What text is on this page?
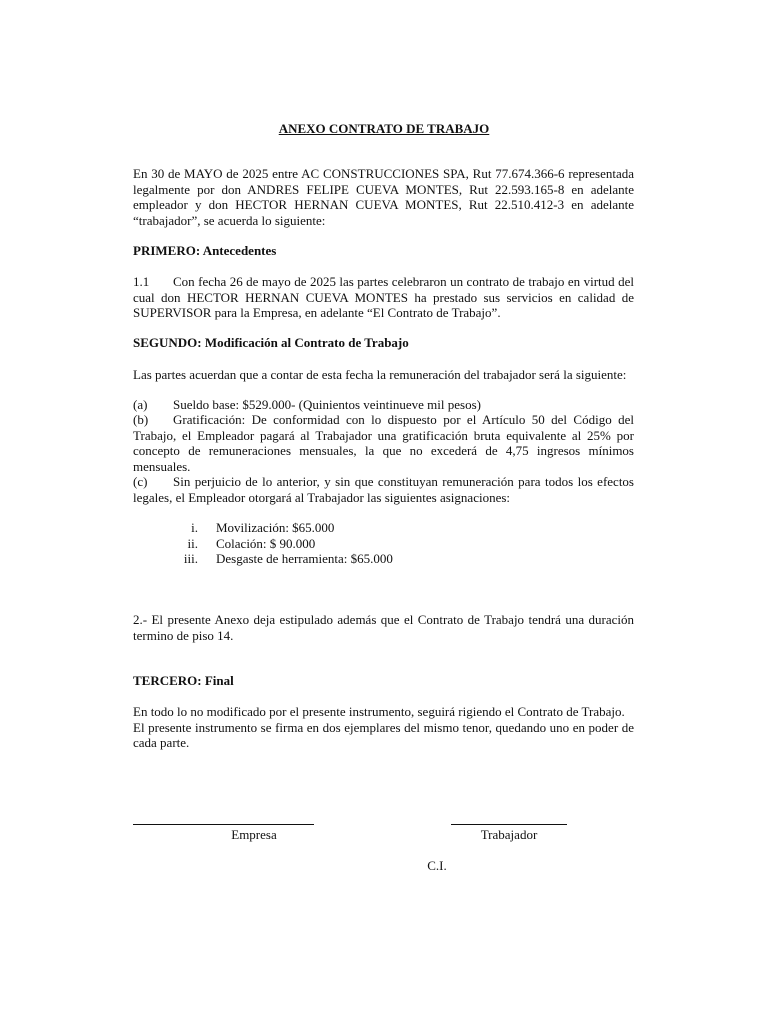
ANEXO CONTRATO DE TRABAJO
En 30 de MAYO de 2025 entre AC CONSTRUCCIONES SPA, Rut 77.674.366-6 representada legalmente por don ANDRES FELIPE CUEVA MONTES, Rut 22.593.165-8 en adelante empleador y don HECTOR HERNAN CUEVA MONTES, Rut 22.510.412-3 en adelante “trabajador”, se acuerda lo siguiente:
PRIMERO: Antecedentes
1.1 Con fecha 26 de mayo de 2025 las partes celebraron un contrato de trabajo en virtud del cual don HECTOR HERNAN CUEVA MONTES ha prestado sus servicios en calidad de SUPERVISOR para la Empresa, en adelante “El Contrato de Trabajo”.
SEGUNDO: Modificación al Contrato de Trabajo
Las partes acuerdan que a contar de esta fecha la remuneración del trabajador será la siguiente:
(a) Sueldo base: $529.000- (Quinientos veintinueve mil pesos)
(b) Gratificación: De conformidad con lo dispuesto por el Artículo 50 del Código del Trabajo, el Empleador pagará al Trabajador una gratificación bruta equivalente al 25% por concepto de remuneraciones mensuales, la que no excederá de 4,75 ingresos mínimos mensuales.
(c) Sin perjuicio de lo anterior, y sin que constituyan remuneración para todos los efectos legales, el Empleador otorgará al Trabajador las siguientes asignaciones:
i.	Movilización: $65.000
ii.	Colación: $ 90.000
iii.	Desgaste de herramienta: $65.000
2.- El presente Anexo deja estipulado además que el Contrato de Trabajo tendrá una duración termino de piso 14.
TERCERO: Final
En todo lo no modificado por el presente instrumento, seguirá rigiendo el Contrato de Trabajo.
El presente instrumento se firma en dos ejemplares del mismo tenor, quedando uno en poder de cada parte.
Empresa	Trabajador
C.I.
